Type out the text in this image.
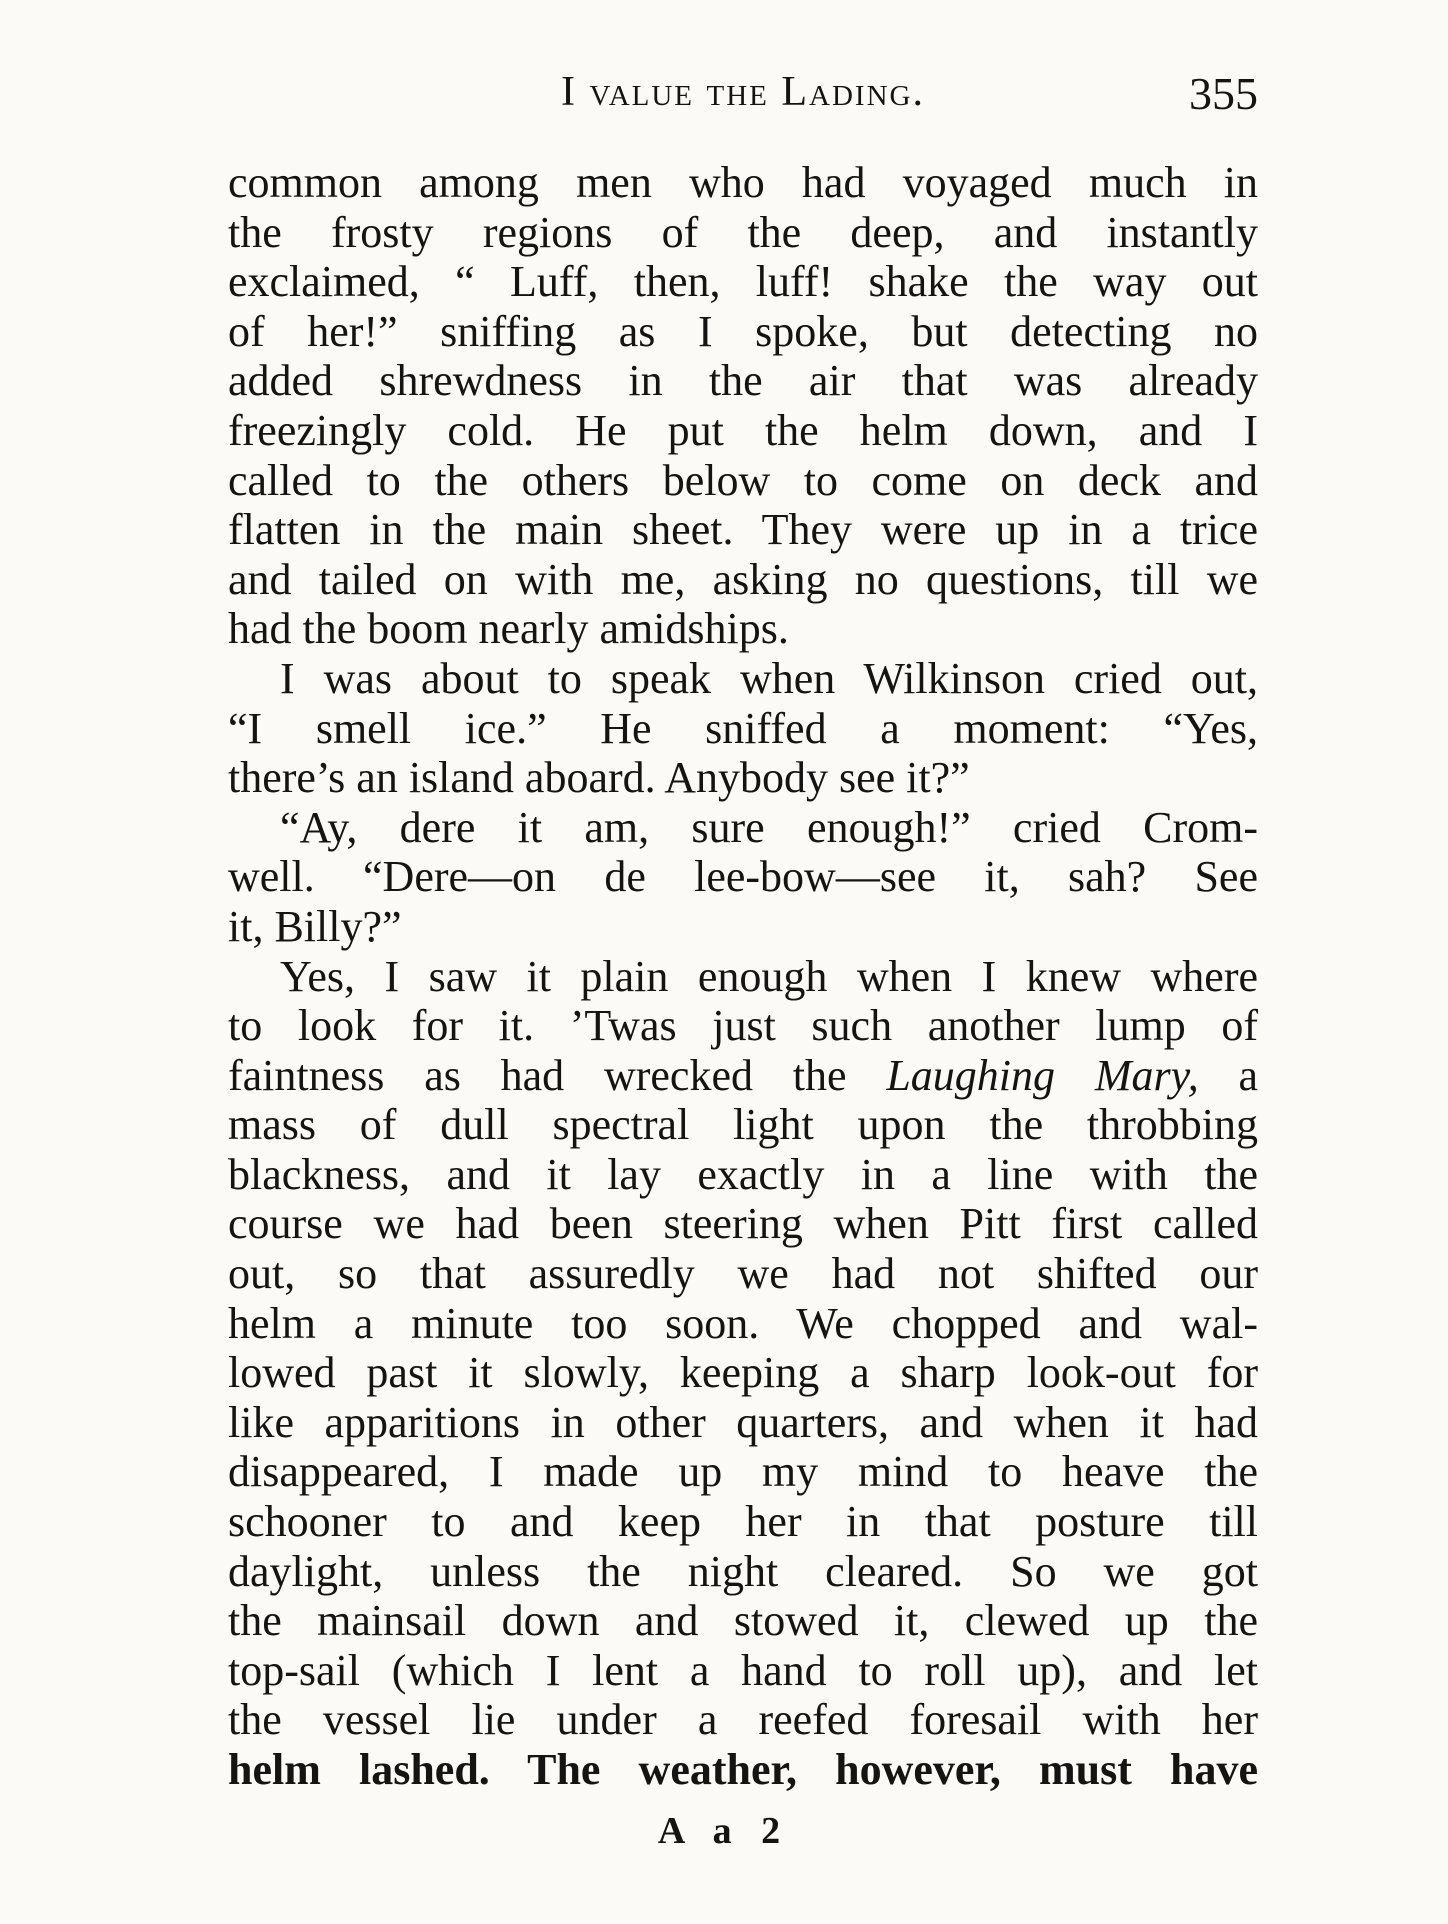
I value the Lading.	355
common among men who had voyaged much in
the frosty regions of the deep, and instantly
exclaimed, “ Luff, then, luff! shake the way out
of her!” sniffing as I spoke, but detecting no
added shrewdness in the air that was already
freezingly cold. He put the helm down, and I
called to the others below to come on deck and
flatten in the main sheet. They were up in a trice
and tailed on with me, asking no questions, till we
had the boom nearly amidships.
I was about to speak when Wilkinson cried out,
“I smell ice.” He sniffed a moment: “Yes,
there’s an island aboard. Anybody see it?”
“Ay, dere it am, sure enough!” cried Crom-
well. “Dere—on de lee-bow—see it, sah? See
it, Billy?”
Yes, I saw it plain enough when I knew where
to look for it. ’Twas just such another lump of
faintness as had wrecked the Laughing Mary, a
mass of dull spectral light upon the throbbing
blackness, and it lay exactly in a line with the
course we had been steering when Pitt first called
out, so that assuredly we had not shifted our
helm a minute too soon. We chopped and wal-
lowed past it slowly, keeping a sharp look-out for
like apparitions in other quarters, and when it had
disappeared, I made up my mind to heave the
schooner to and keep her in that posture till
daylight, unless the night cleared. So we got
the mainsail down and stowed it, clewed up the
top-sail (which I lent a hand to roll up), and let
the vessel lie under a reefed foresail with her
helm lashed. The weather, however, must have
A a 2
